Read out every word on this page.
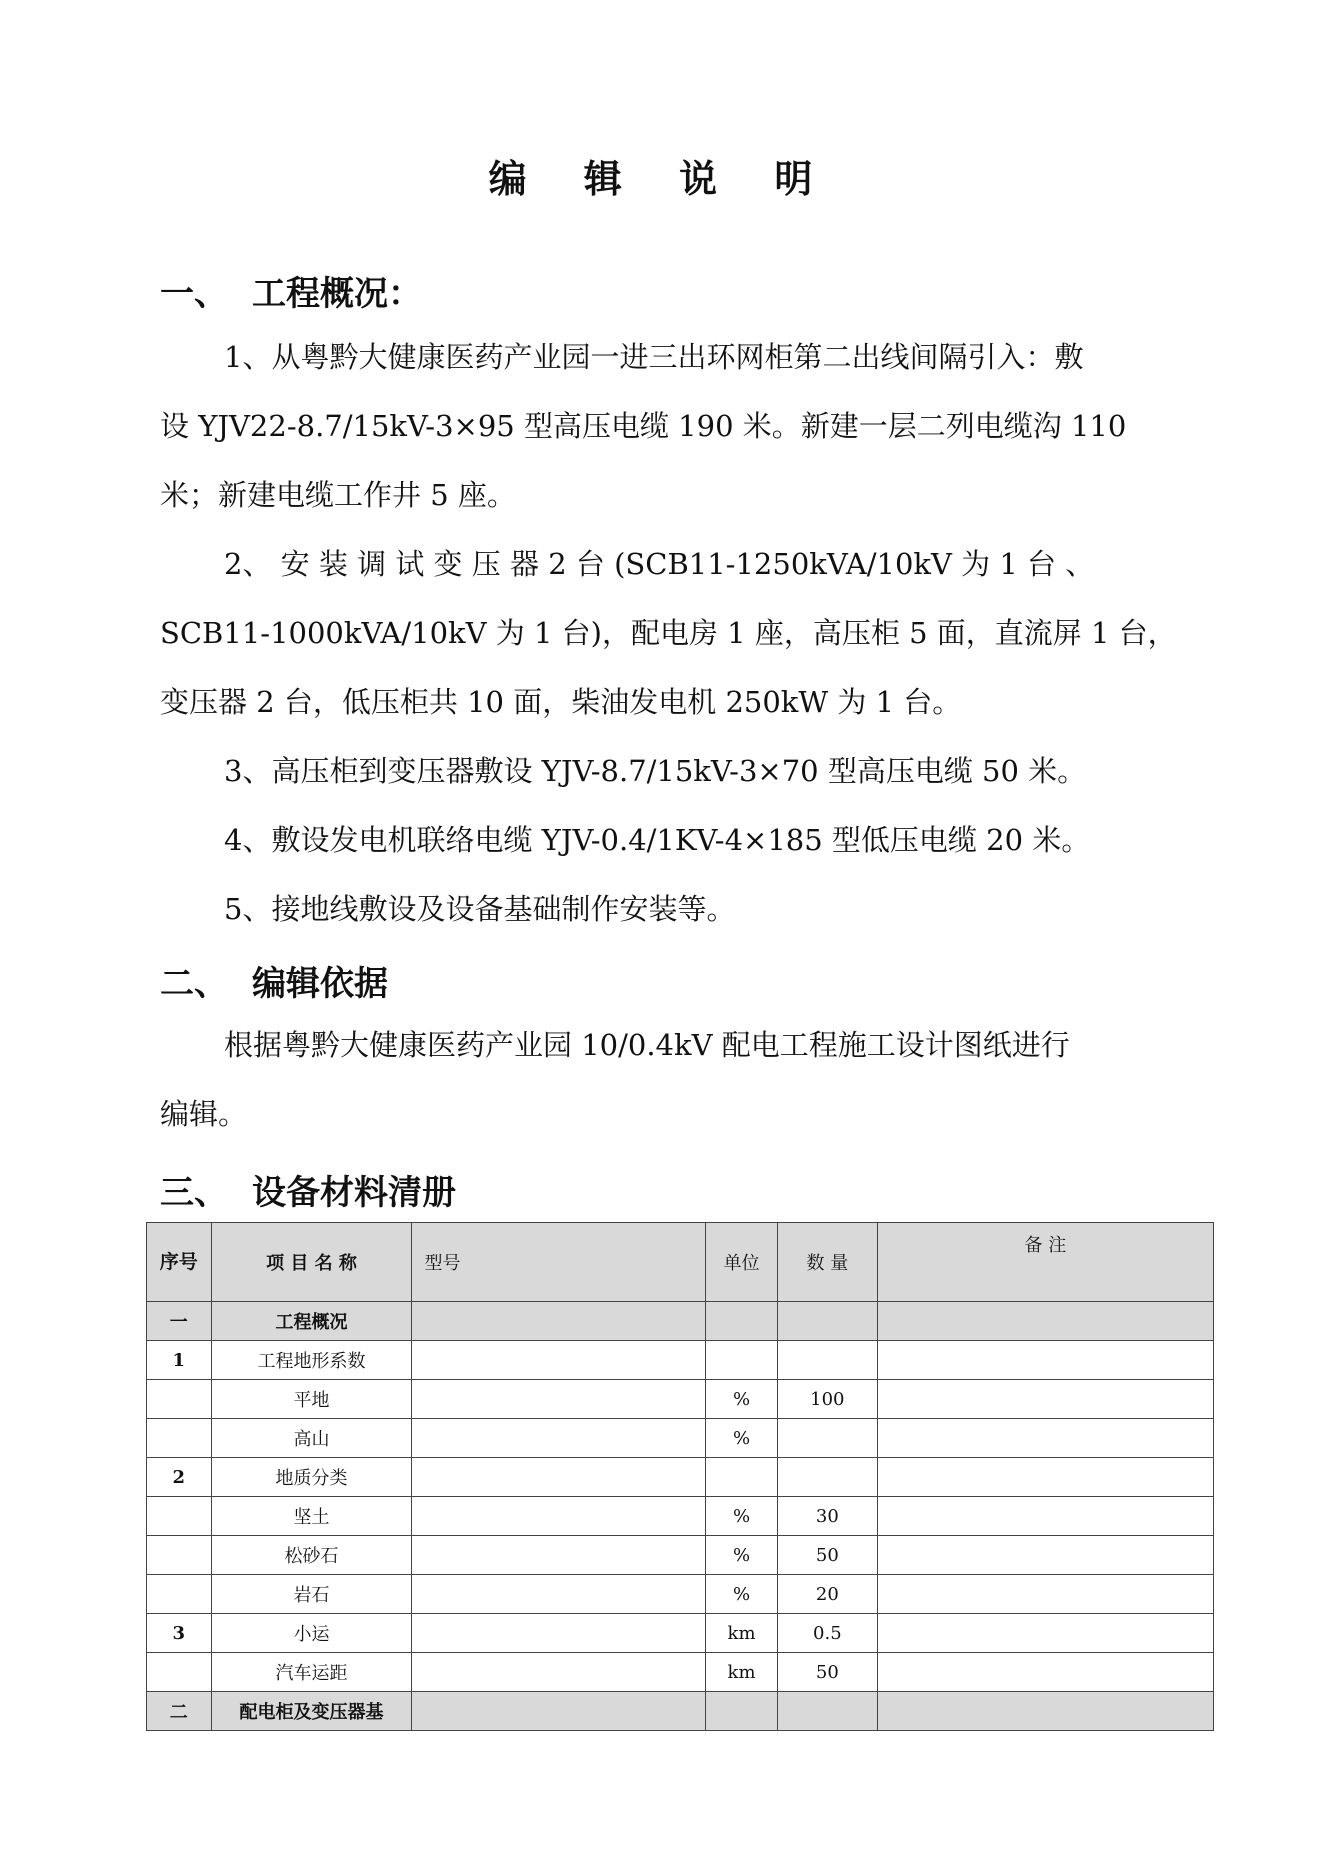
编 辑 说 明
一、 工程概况：
1、从粤黔大健康医药产业园一进三出环网柜第二出线间隔引入：敷
设 YJV22-8.7/15kV-3×95 型高压电缆 190 米。新建一层二列电缆沟 110
米；新建电缆工作井 5 座。
2、 安 装 调 试 变 压 器 2 台 (SCB11-1250kVA/10kV 为 1 台 、
SCB11-1000kVA/10kV 为 1 台)，配电房 1 座，高压柜 5 面，直流屏 1 台，
变压器 2 台，低压柜共 10 面，柴油发电机 250kW 为 1 台。
3、高压柜到变压器敷设 YJV-8.7/15kV-3×70 型高压电缆 50 米。
4、敷设发电机联络电缆 YJV-0.4/1KV-4×185 型低压电缆 20 米。
5、接地线敷设及设备基础制作安装等。
二、 编辑依据
根据粤黔大健康医药产业园 10/0.4kV 配电工程施工设计图纸进行
编辑。
三、 设备材料清册
序号	项 目 名 称	型号	单位	数 量	备 注
一	工程概况				
1	工程地形系数				
	平地		%	100	
	高山		%		
2	地质分类				
	坚土		%	30	
	松砂石		%	50	
	岩石		%	20	
3	小运		km	0.5	
	汽车运距		km	50	
二	配电柜及变压器基				
